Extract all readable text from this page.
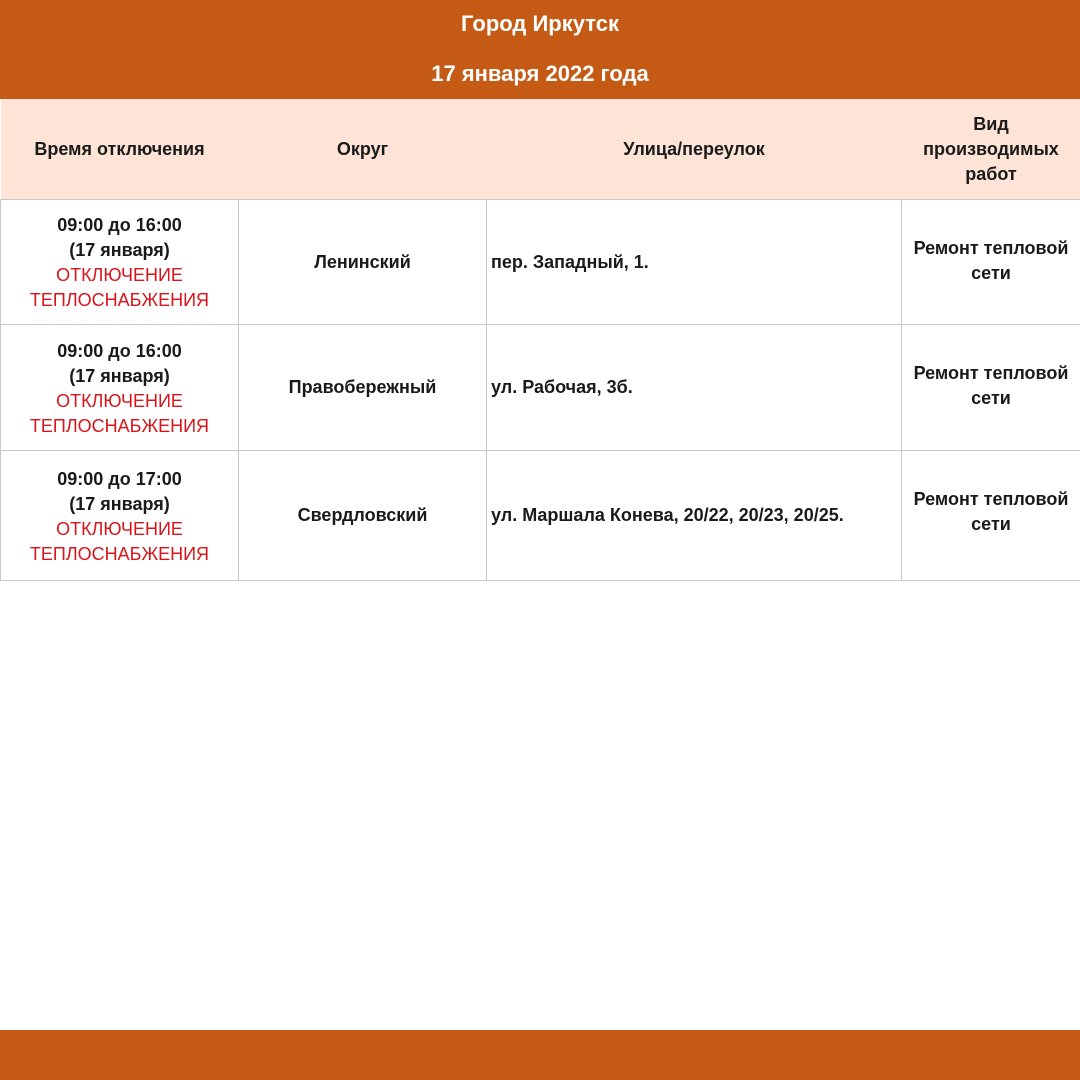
Город Иркутск
17 января 2022 года
Время отключения	Округ	Улица/переулок	Вид производимых работ

09:00 до 16:00
(17 января)
ОТКЛЮЧЕНИЕ
ТЕПЛОСНАБЖЕНИЯ	Ленинский	пер. Западный, 1.	Ремонт тепловой сети

09:00 до 16:00
(17 января)
ОТКЛЮЧЕНИЕ
ТЕПЛОСНАБЖЕНИЯ	Правобережный	ул. Рабочая, 3б.	Ремонт тепловой сети

09:00 до 17:00
(17 января)
ОТКЛЮЧЕНИЕ
ТЕПЛОСНАБЖЕНИЯ	Свердловский	ул. Маршала Конева, 20/22, 20/23, 20/25.	Ремонт тепловой сети
